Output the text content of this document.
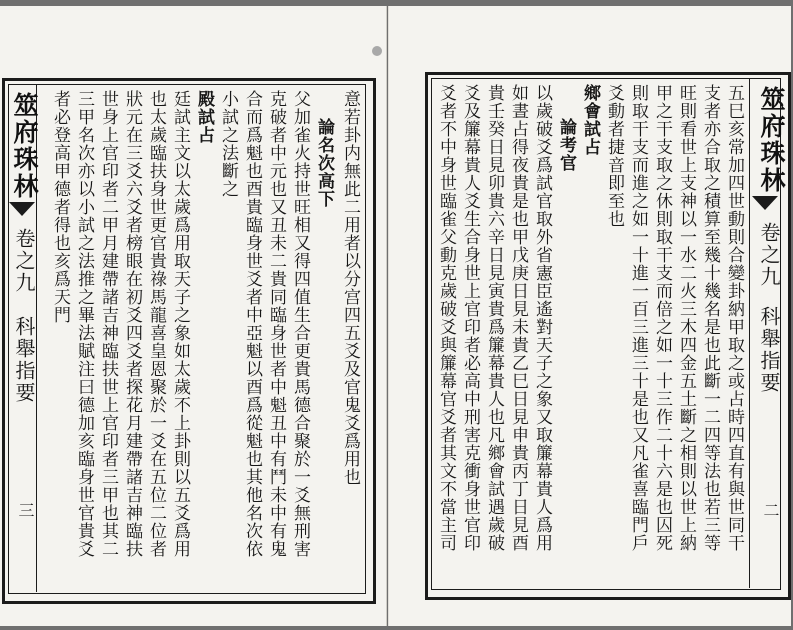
筮府珠林
卷之九
科舉指要
三
意若卦内無此二用者以分宫四五爻及官鬼爻爲用也
論名次高下
父加雀火持世旺相又得四值生合更貴馬德合聚於一爻無刑害
克破者中元也又丑未二貴同臨身世者中魁丑中有鬥未中有鬼
合而爲魁也酉貴臨身世爻者中亞魁以酉爲從魁也其他名次依
小試之法斷之
殿試占
廷試主文以太歲爲用取天子之象如太歲不上卦則以五爻爲用
也太歲臨扶身世更官貴祿馬龍喜皇恩聚於一爻在五位二位者
狀元在三爻六爻者榜眼在初爻四爻者探花月建帶諸吉神臨扶
世身上官印者二甲月建帶諸吉神臨扶世上官印者三甲也其二
三甲名次亦以小試之法推之畢法賦注曰德加亥臨身世官貴爻
者必登高甲德者得也亥爲天門	筮府珠林
卷之九
科舉指要
二
五巳亥常加四世動則合變卦納甲取之或占時四直有與世同干
支者亦合取之積算至幾十幾名是也此斷一二四等法也若三等
旺則看世上支神以一水二火三木四金五土斷之相則以世上納
甲之干支取之休則取干支而倍之如一十三作二十六是也囚死
則取干支而進之如一十進一百三進三十是也又凡雀喜臨門戶
爻動者捷音即至也
鄉會試占
論考官
以歲破爻爲試官取外省憲臣遙對天子之象又取簾幕貴人爲用
如晝占得夜貴是也甲戊庚日見未貴乙巳日見申貴丙丁日見酉
貴壬癸日見卯貴六辛日見寅貴爲簾幕貴人也凡鄉會試遇歲破
爻及簾幕貴人爻生合身世上官印者必高中刑害克衝身世官印
爻者不中身世臨雀父動克歲破爻與簾幕官爻者其文不當主司
